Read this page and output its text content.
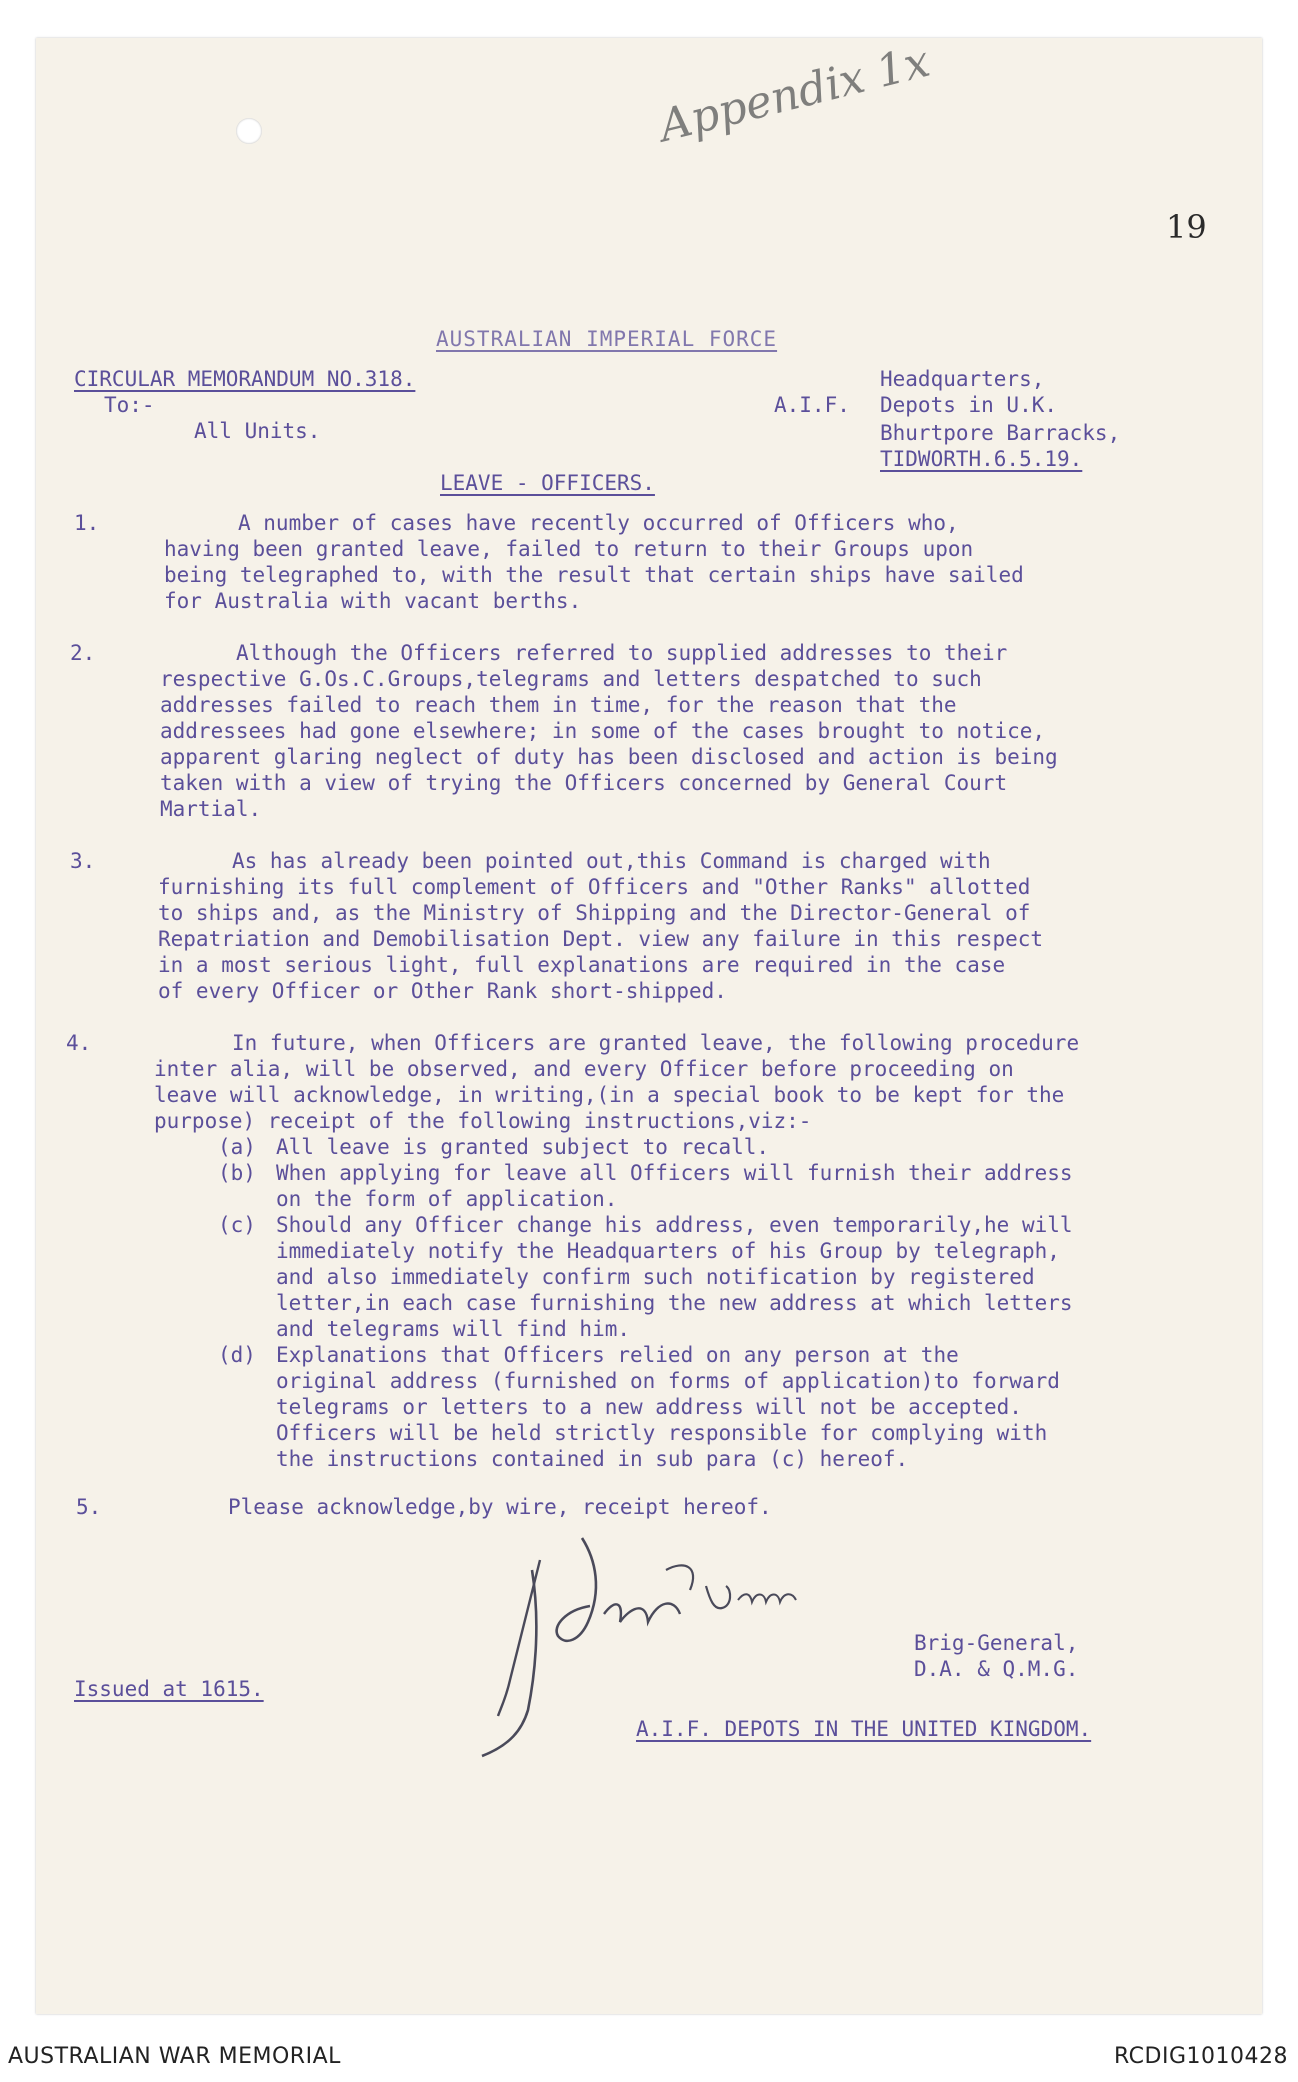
Appendix 1x
19
AUSTRALIAN IMPERIAL FORCE
CIRCULAR MEMORANDUM NO.318.
To:-
All Units.
Headquarters,
A.I.F. Depots in U.K.
Bhurtpore Barracks,
TIDWORTH.6.5.19.
LEAVE - OFFICERS.
1.	A number of cases have recently occurred of Officers who,
having been granted leave, failed to return to their Groups upon
being telegraphed to, with the result that certain ships have sailed
for Australia with vacant berths.
2.	Although the Officers referred to supplied addresses to their
respective G.Os.C.Groups,telegrams and letters despatched to such
addresses failed to reach them in time, for the reason that the
addressees had gone elsewhere; in some of the cases brought to notice,
apparent glaring neglect of duty has been disclosed and action is being
taken with a view of trying the Officers concerned by General Court
Martial.
3.	As has already been pointed out,this Command is charged with
furnishing its full complement of Officers and "Other Ranks" allotted
to ships and, as the Ministry of Shipping and the Director-General of
Repatriation and Demobilisation Dept. view any failure in this respect
in a most serious light, full explanations are required in the case
of every Officer or Other Rank short-shipped.
4.	In future, when Officers are granted leave, the following procedure
inter alia, will be observed, and every Officer before proceeding on
leave will acknowledge, in writing,(in a special book to be kept for the
purpose) receipt of the following instructions,viz:-
(a) All leave is granted subject to recall.
(b) When applying for leave all Officers will furnish their address
on the form of application.
(c) Should any Officer change his address, even temporarily,he will
immediately notify the Headquarters of his Group by telegraph,
and also immediately confirm such notification by registered
letter,in each case furnishing the new address at which letters
and telegrams will find him.
(d) Explanations that Officers relied on any person at the
original address (furnished on forms of application)to forward
telegrams or letters to a new address will not be accepted.
Officers will be held strictly responsible for complying with
the instructions contained in sub para (c) hereof.
5.	Please acknowledge,by wire, receipt hereof.
Brig-General,
D.A. & Q.M.G.
Issued at 1615.
A.I.F. DEPOTS IN THE UNITED KINGDOM.
AUSTRALIAN WAR MEMORIAL	RCDIG1010428
